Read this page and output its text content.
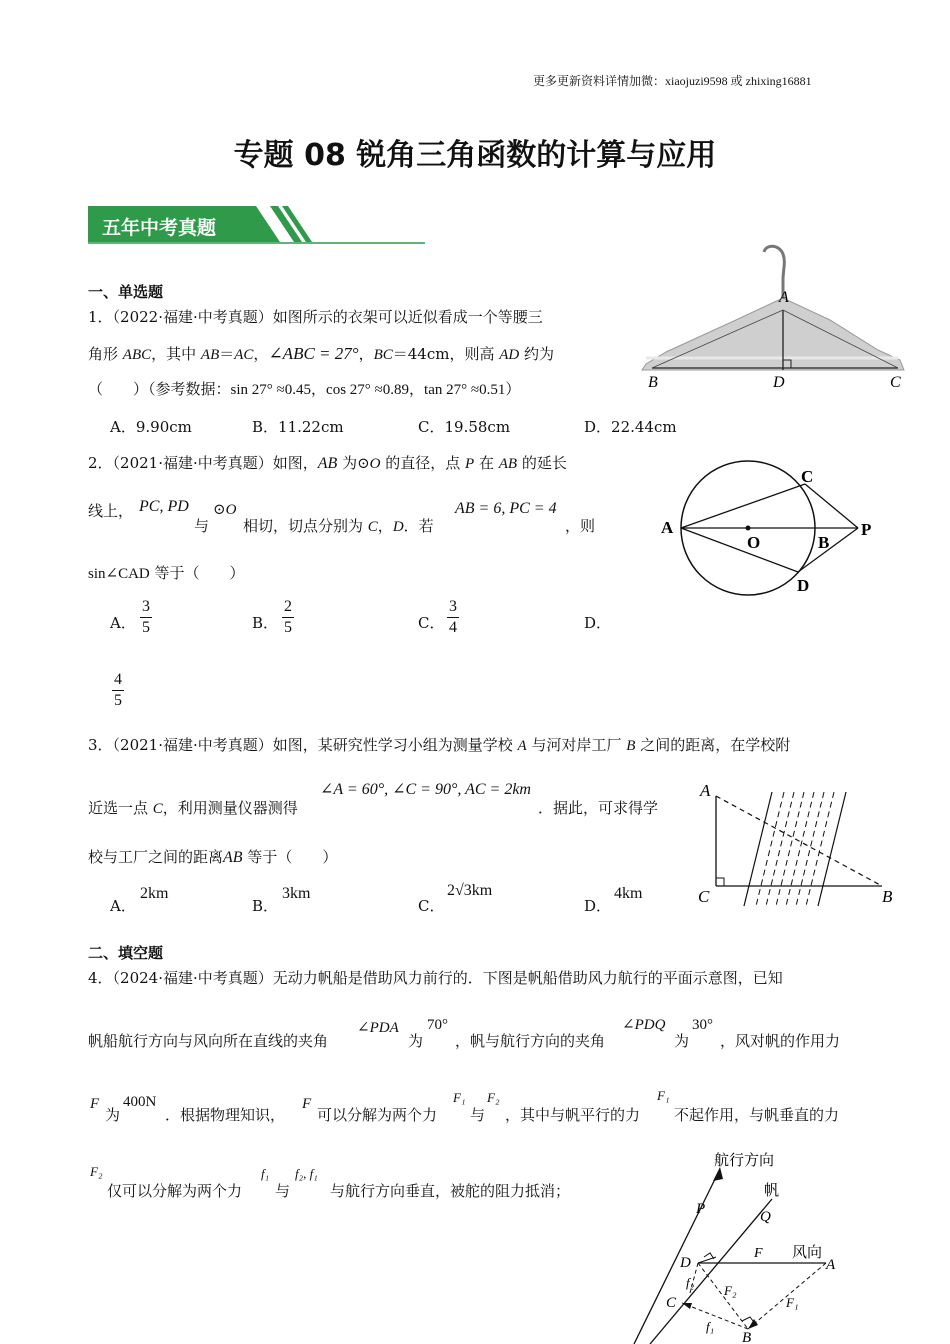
更多更新资料详情加微：xiaojuzi9598 或 zhixing16881
专题 08 锐角三角函数的计算与应用
五年中考真题
一、单选题
1．（2022·福建·中考真题）如图所示的衣架可以近似看成一个等腰三
角形 ABC，其中 AB＝AC，∠ABC = 27°，BC＝44cm，则高 AD 约为
（　　）（参考数据：sin 27° ≈0.45，cos 27° ≈0.89，tan 27° ≈0.51）
A．9.90cm	B．11.22cm	C．19.58cm	D．22.44cm
A
B	D	C
2．（2021·福建·中考真题）如图，AB 为⊙O 的直径，点 P 在 AB 的延长
线上， PC, PD
与
⊙O
相切，切点分别为 C，D．若
AB = 6, PC = 4
，则
sin∠CAD 等于（　　）
A． $\frac{3}{5}$	B． $\frac{2}{5}$	C． $\frac{3}{4}$	D．
$\frac{4}{5}$
A
O	B
P
C
D
3．（2021·福建·中考真题）如图，某研究性学习小组为测量学校 A 与河对岸工厂 B 之间的距离，在学校附
近选一点 C，利用测量仪器测得
∠A = 60°, ∠C = 90°, AC = 2km
．据此，可求得学
校与工厂之间的距离AB 等于（　　）
A．
2km
B．
3km
C．
2√3km
D．
4km
A
C	B
二、填空题
4．（2024·福建·中考真题）无动力帆船是借助风力前行的．下图是帆船借助风力航行的平面示意图，已知
帆船航行方向与风向所在直线的夹角
∠PDA
为
70°
，帆与航行方向的夹角
∠PDQ
为
30°
，风对帆的作用力
F
为
400N
．根据物理知识，
F
可以分解为两个力
F₁
与
F₂
，其中与帆平行的力
F₁
不起作用，与帆垂直的力
F₂
仅可以分解为两个力
f₁
与
f₂, f₁
与航行方向垂直，被舵的阻力抵消；
航行方向
帆
风向
P	Q
D	A
B
C
F
F₁
F₂
f₁
f₂
